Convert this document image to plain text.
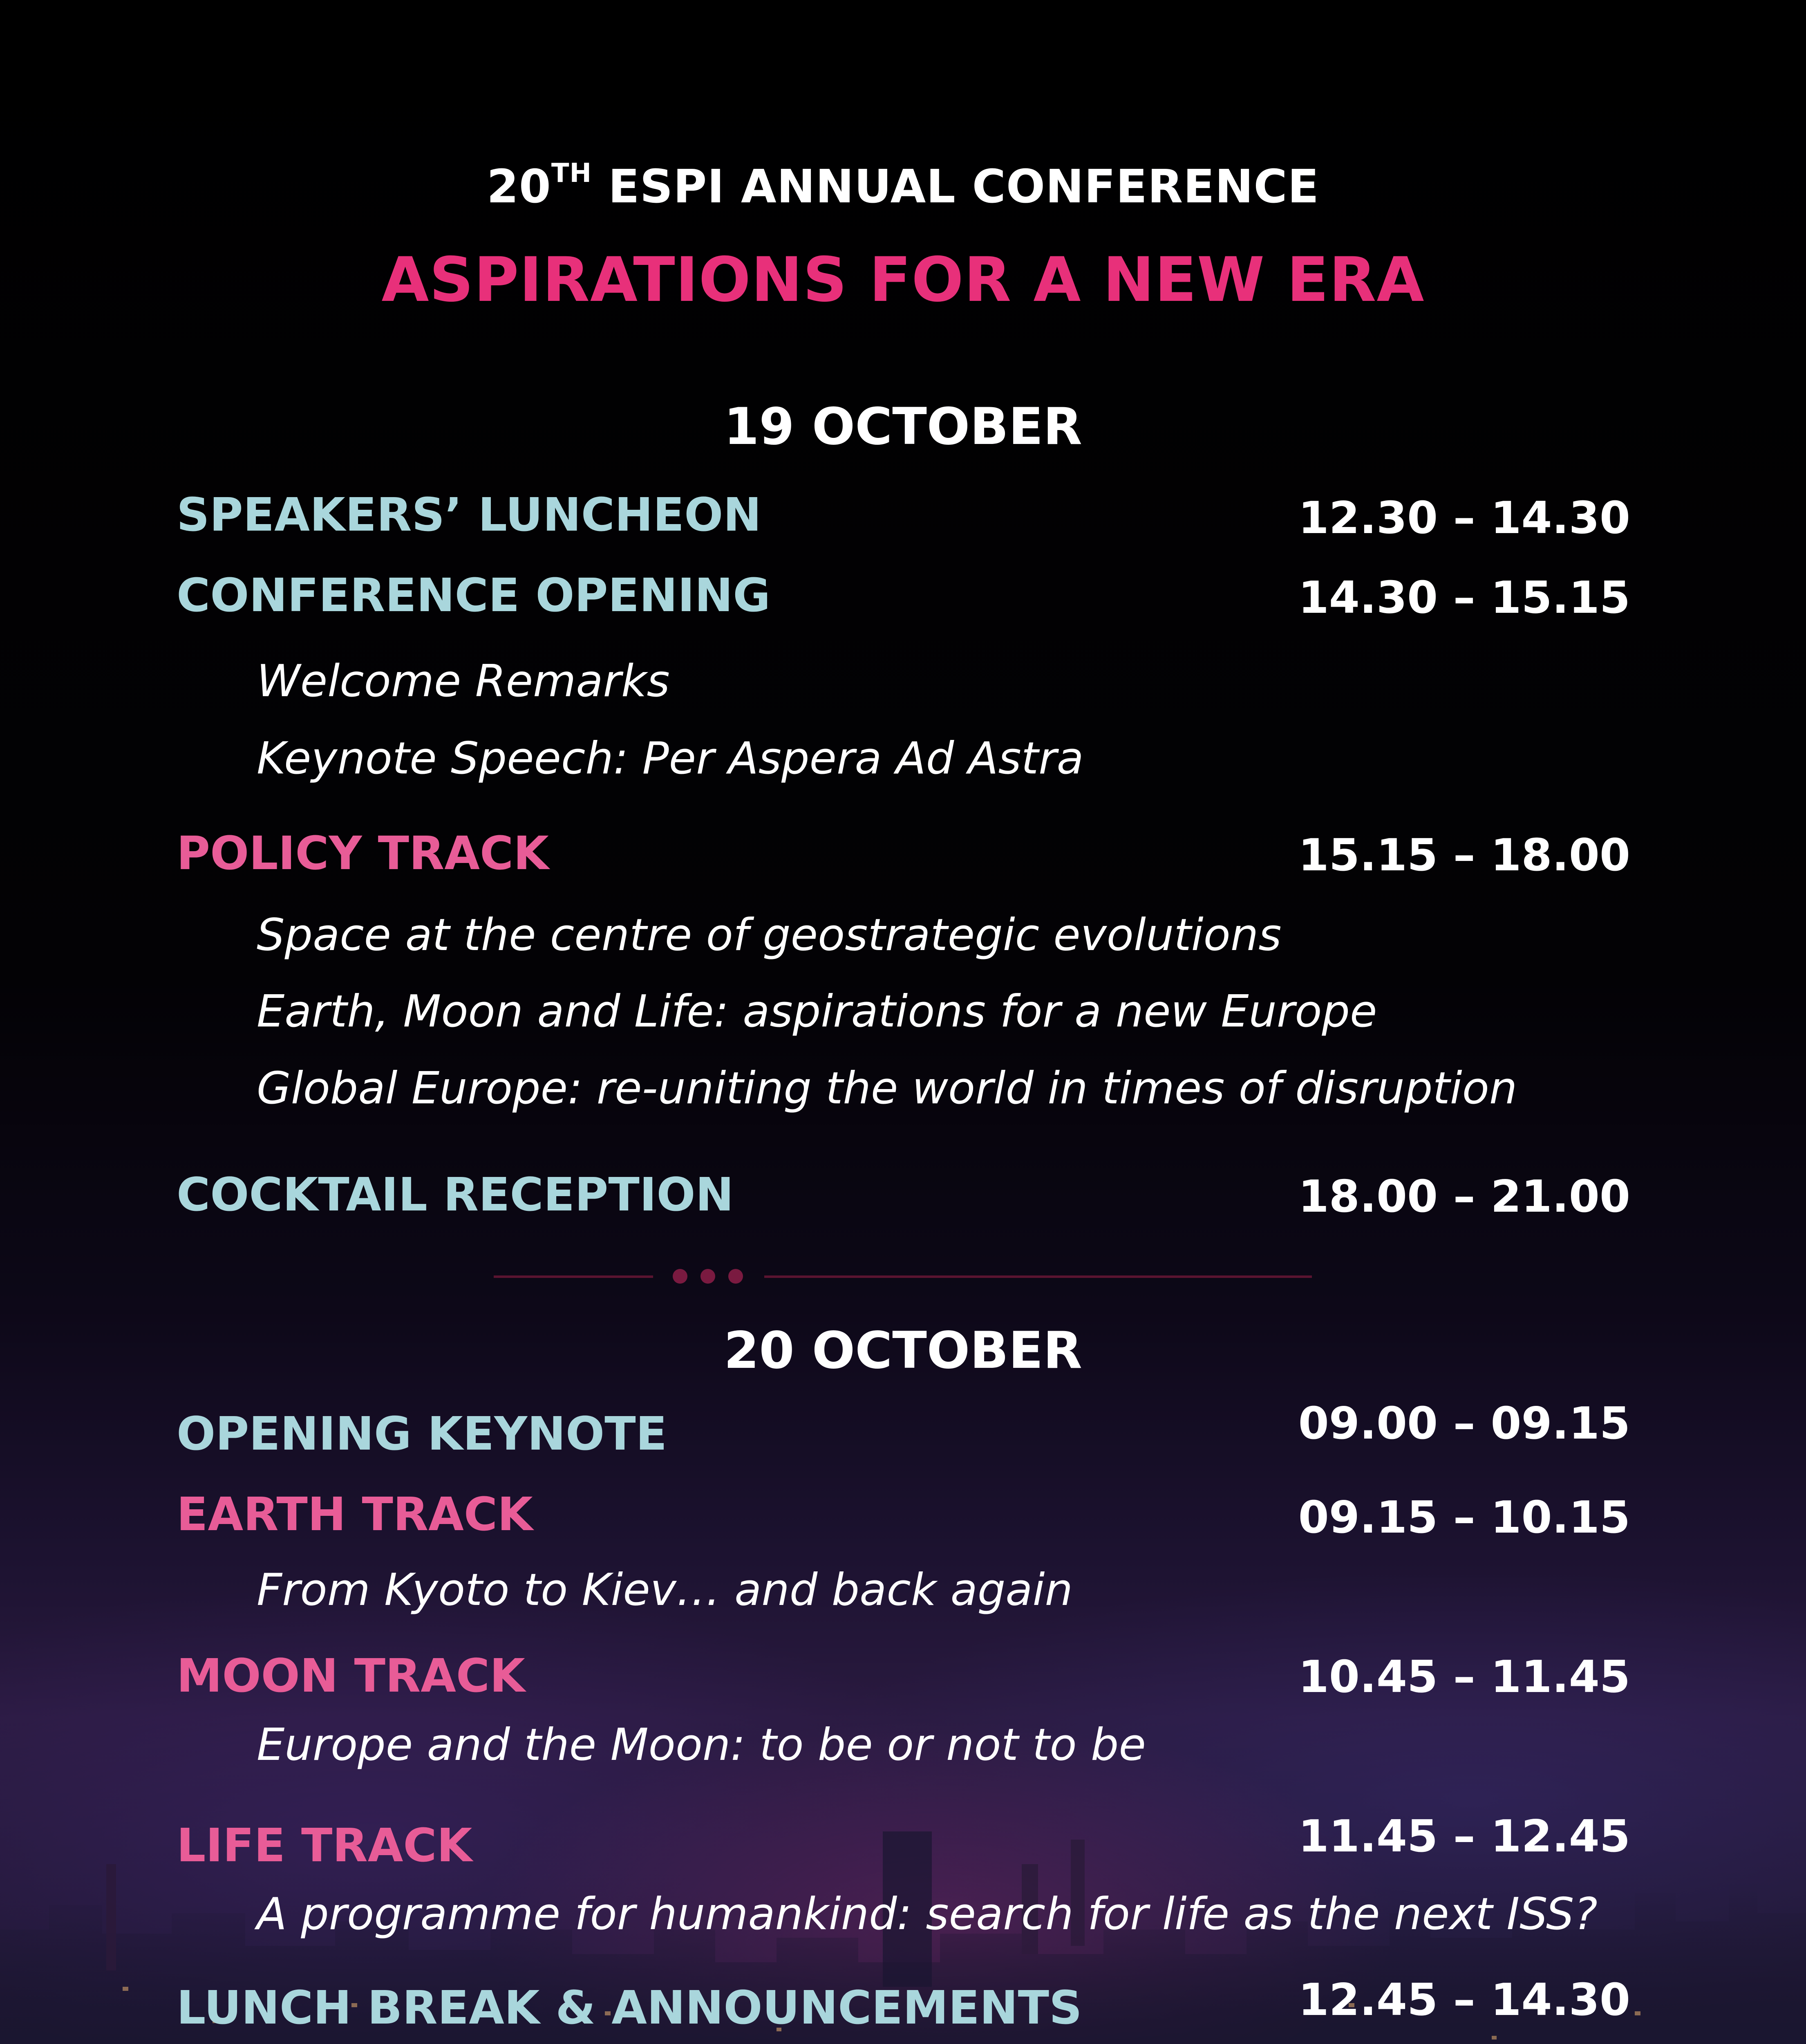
20TH ESPI ANNUAL CONFERENCE
ASPIRATIONS FOR A NEW ERA
19 OCTOBER
SPEAKERS’ LUNCHEON	12.30 – 14.30
CONFERENCE OPENING	14.30 – 15.15
Welcome Remarks
Keynote Speech: Per Aspera Ad Astra
POLICY TRACK	15.15 – 18.00
Space at the centre of geostrategic evolutions
Earth, Moon and Life: aspirations for a new Europe
Global Europe: re-uniting the world in times of disruption
COCKTAIL RECEPTION	18.00 – 21.00
20 OCTOBER
OPENING KEYNOTE	09.00 – 09.15
EARTH TRACK	09.15 – 10.15
From Kyoto to Kiev… and back again
MOON TRACK	10.45 – 11.45
Europe and the Moon: to be or not to be
LIFE TRACK	11.45 – 12.45
A programme for humankind: search for life as the next ISS?
LUNCH BREAK & ANNOUNCEMENTS	12.45 – 14.30
